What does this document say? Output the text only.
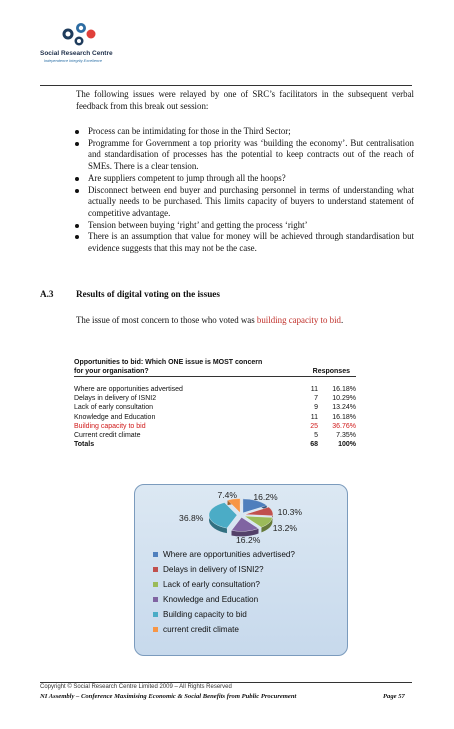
Social Research Centre
Independence Integrity Excellence
The following issues were relayed by one of SRC’s facilitators in the subsequent verbal feedback from this break out session:
Process can be intimidating for those in the Third Sector;
Programme for Government a top priority was ‘building the economy’. But centralisation and standardisation of processes has the potential to keep contracts out of the reach of SMEs. There is a clear tension.
Are suppliers competent to jump through all the hoops?
Disconnect between end buyer and purchasing personnel in terms of understanding what actually needs to be purchased. This limits capacity of buyers to understand statement of competitive advantage.
Tension between buying ‘right’ and getting the process ‘right’
There is an assumption that value for money will be achieved through standardisation but evidence suggests that this may not be the case.
A.3 Results of digital voting on the issues
The issue of most concern to those who voted was building capacity to bid.
Opportunities to bid: Which ONE issue is MOST concern
for your organisation?	Responses
Where are opportunities advertised	11	16.18%
Delays in delivery of ISNI2	7	10.29%
Lack of early consultation	9	13.24%
Knowledge and Education	11	16.18%
Building capacity to bid	25	36.76%
Current credit climate	5	7.35%
Totals	68	100%
16.2%
10.3%
13.2%
16.2%
36.8%
7.4%
Where are opportunities advertised?
Delays in delivery of ISNI2?
Lack of early consultation?
Knowledge and Education
Building capacity to bid
current credit climate
Copyright © Social Research Centre Limited 2009 – All Rights Reserved
NI Assembly – Conference Maximising Economic & Social Benefits from Public Procurement	Page 57
